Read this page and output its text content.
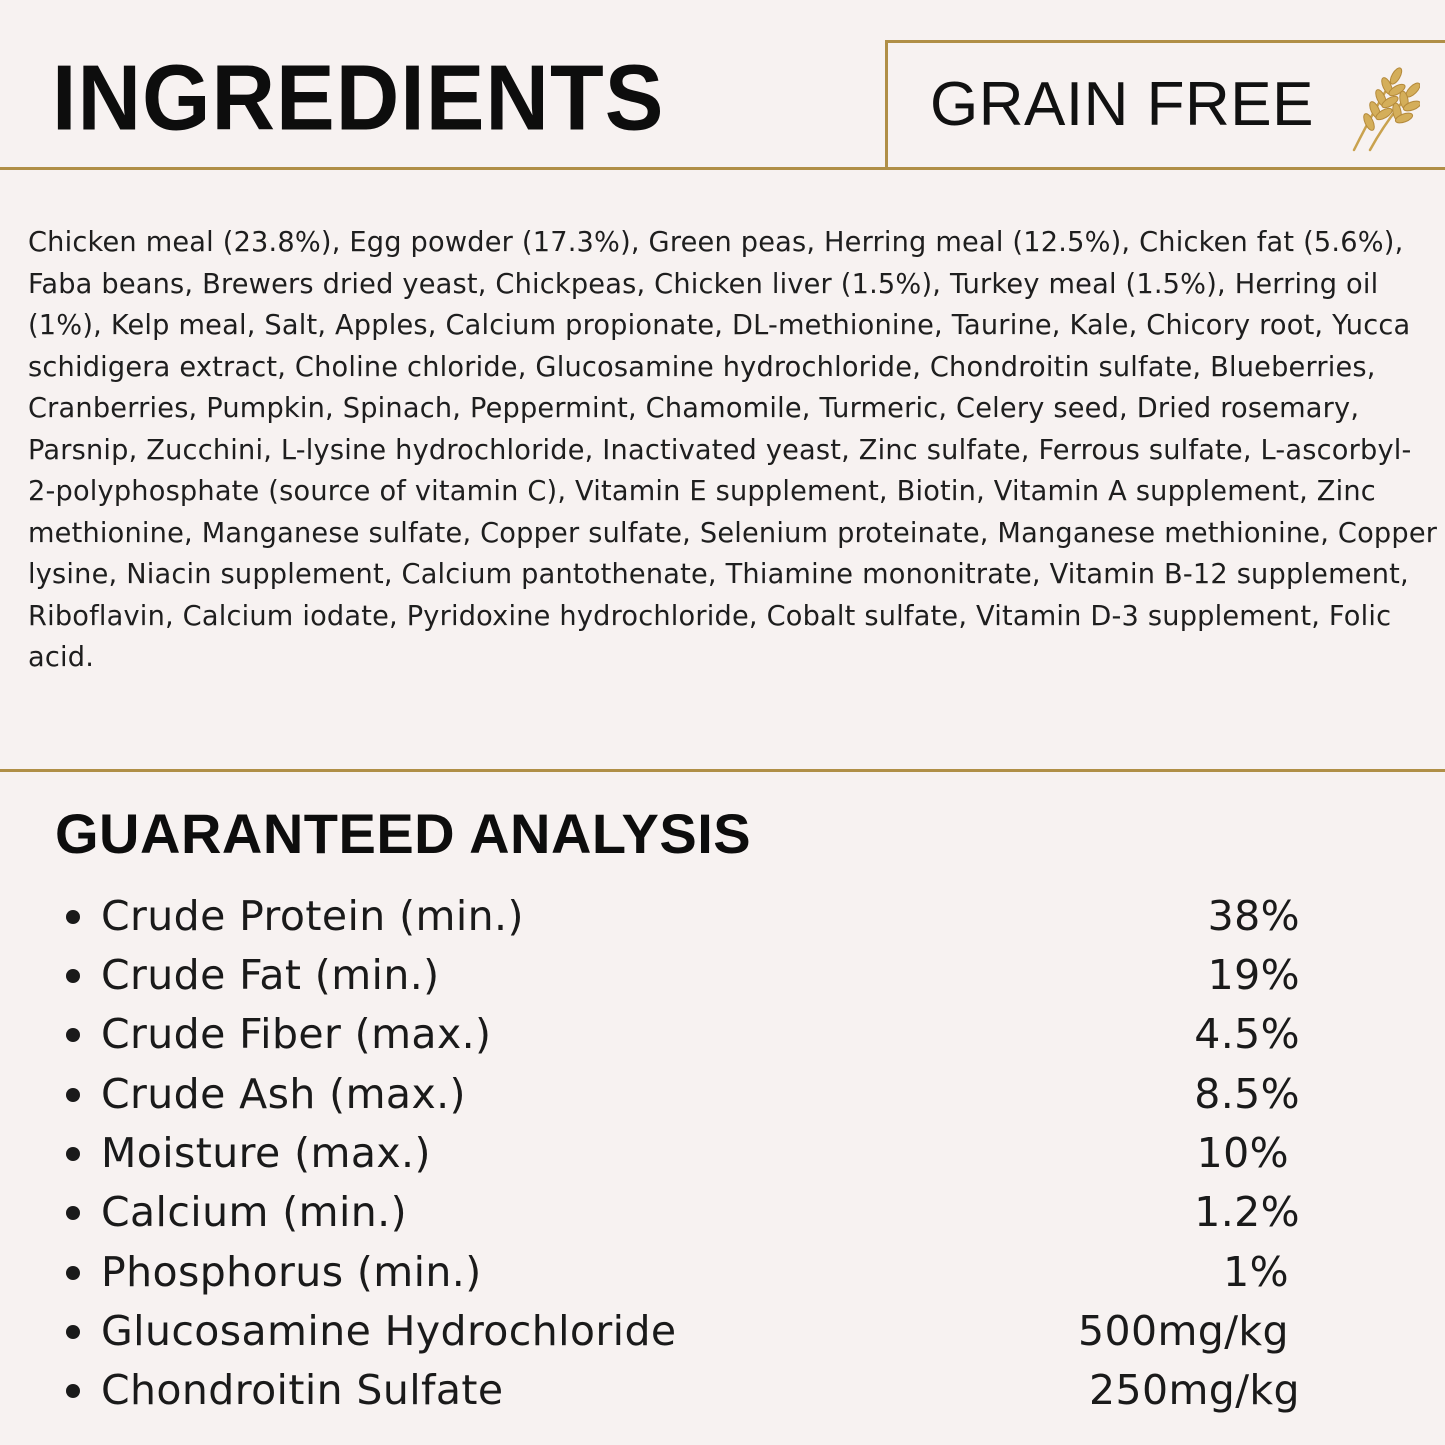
INGREDIENTS	GRAIN FREE
Chicken meal (23.8%), Egg powder (17.3%), Green peas, Herring meal (12.5%), Chicken fat (5.6%), Faba beans, Brewers dried yeast, Chickpeas, Chicken liver (1.5%), Turkey meal (1.5%), Herring oil (1%), Kelp meal, Salt, Apples, Calcium propionate, DL-methionine, Taurine, Kale, Chicory root, Yucca schidigera extract, Choline chloride, Glucosamine hydrochloride, Chondroitin sulfate, Blueberries, Cranberries, Pumpkin, Spinach, Peppermint, Chamomile, Turmeric, Celery seed, Dried rosemary, Parsnip, Zucchini, L-lysine hydrochloride, Inactivated yeast, Zinc sulfate, Ferrous sulfate, L-ascorbyl-2-polyphosphate (source of vitamin C), Vitamin E supplement, Biotin, Vitamin A supplement, Zinc methionine, Manganese sulfate, Copper sulfate, Selenium proteinate, Manganese methionine, Copper lysine, Niacin supplement, Calcium pantothenate, Thiamine mononitrate, Vitamin B-12 supplement, Riboflavin, Calcium iodate, Pyridoxine hydrochloride, Cobalt sulfate, Vitamin D-3 supplement, Folic acid.
GUARANTEED ANALYSIS
Crude Protein (min.)	38%
Crude Fat (min.)	19%
Crude Fiber (max.)	4.5%
Crude Ash (max.)	8.5%
Moisture (max.)	10%
Calcium (min.)	1.2%
Phosphorus (min.)	1%
Glucosamine Hydrochloride	500mg/kg
Chondroitin Sulfate	250mg/kg
